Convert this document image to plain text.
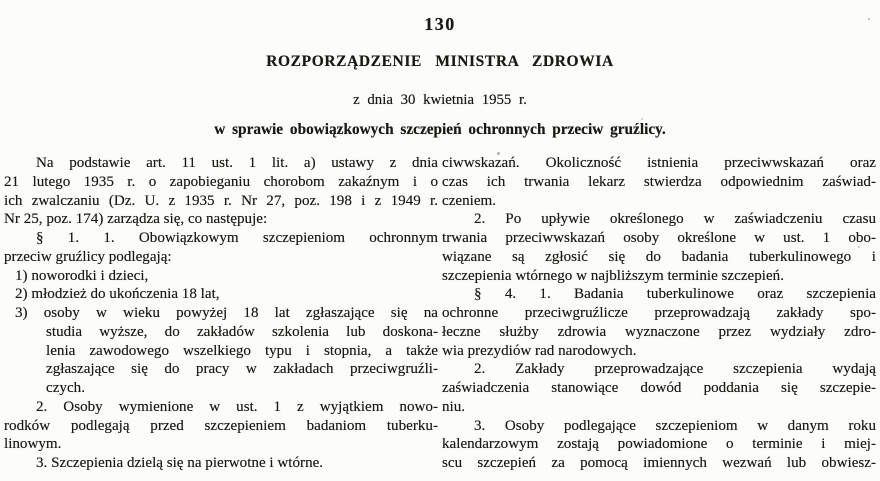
130
ROZPORZĄDZENIE MINISTRA ZDROWIA
z dnia 30 kwietnia 1955 r.
w sprawie obowiązkowych szczepień ochronnych przeciw gruźlicy.
Na podstawie art. 11 ust. 1 lit. a) ustawy z dnia
21 lutego 1935 r. o zapobieganiu chorobom zakaźnym i o
ich zwalczaniu (Dz. U. z 1935 r. Nr 27, poz. 198 i z 1949 r.
Nr 25, poz. 174) zarządza się, co następuje:
§ 1. 1. Obowiązkowym szczepieniom ochronnym
przeciw gruźlicy podlegają:
1) noworodki i dzieci,
2) młodzież do ukończenia 18 lat,
3) osoby w wieku powyżej 18 lat zgłaszające się na
studia wyższe, do zakładów szkolenia lub doskona-
lenia zawodowego wszelkiego typu i stopnia, a także
zgłaszające się do pracy w zakładach przeciwgruźli-
czych.
2. Osoby wymienione w ust. 1 z wyjątkiem nowo-
rodków podlegają przed szczepieniem badaniom tuberku-
linowym.
3. Szczepienia dzielą się na pierwotne i wtórne.
ciwwskazań. Okoliczność istnienia przeciwwskazań oraz
czas ich trwania lekarz stwierdza odpowiednim zaświad-
czeniem.
2. Po upływie określonego w zaświadczeniu czasu
trwania przeciwwskazań osoby określone w ust. 1 obo-
wiązane są zgłosić się do badania tuberkulinowego i
szczepienia wtórnego w najbliższym terminie szczepień.
§ 4. 1. Badania tuberkulinowe oraz szczepienia
ochronne przeciwgruźlicze przeprowadzają zakłady spo-
łeczne służby zdrowia wyznaczone przez wydziały zdro-
wia prezydiów rad narodowych.
2. Zakłady przeprowadzające szczepienia wydają
zaświadczenia stanowiące dowód poddania się szczepie-
niu.
3. Osoby podlegające szczepieniom w danym roku
kalendarzowym zostają powiadomione o terminie i miej-
scu szczepień za pomocą imiennych wezwań lub obwiesz-
